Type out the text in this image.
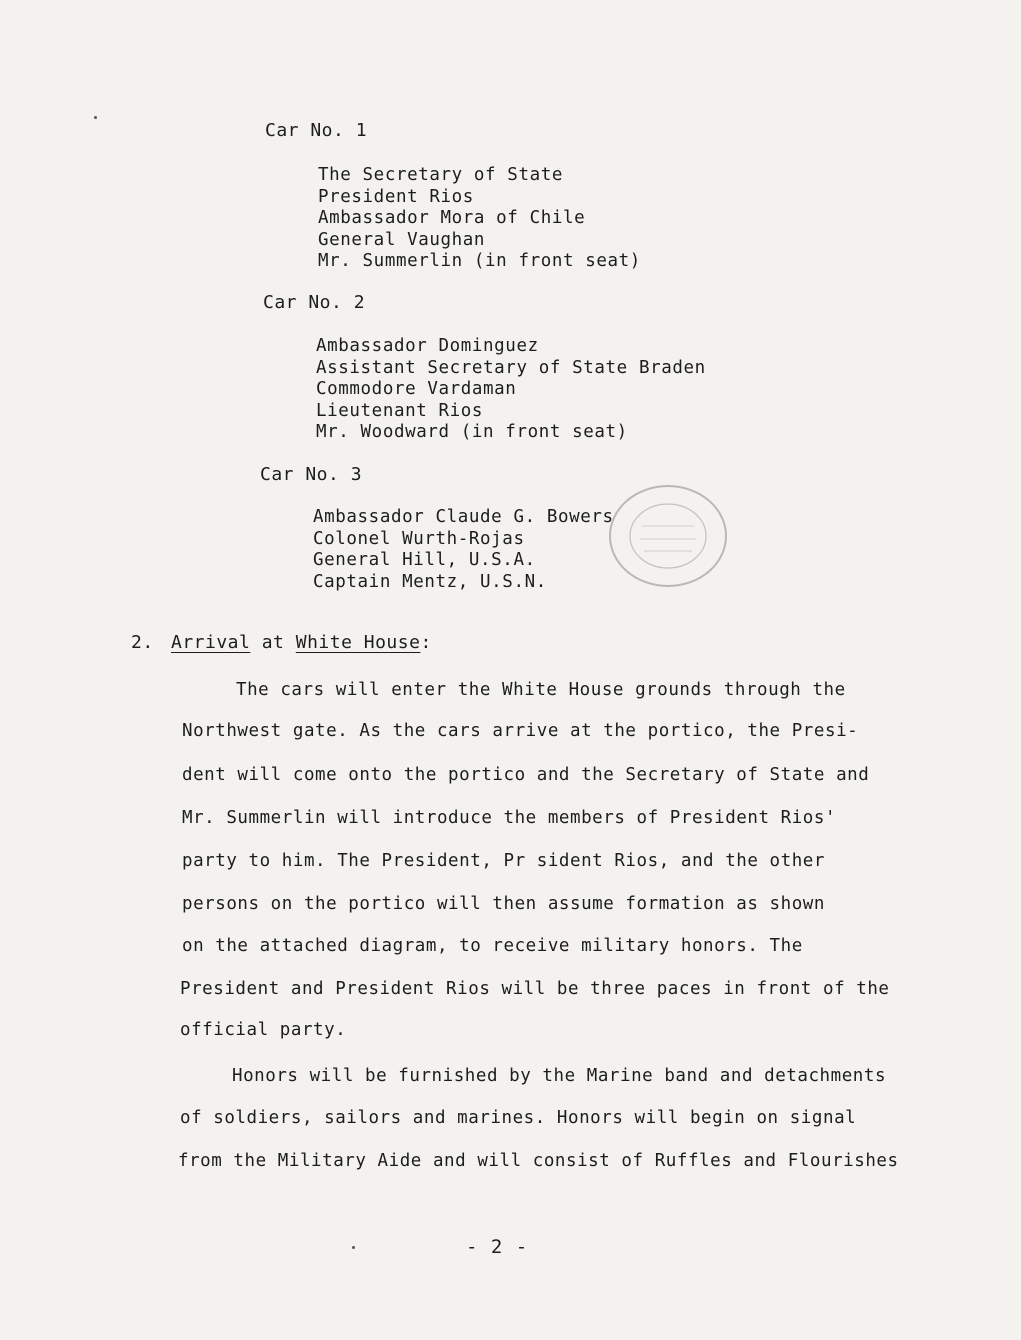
Car No. 1
The Secretary of State
President Rios
Ambassador Mora of Chile
General Vaughan
Mr. Summerlin (in front seat)
Car No. 2
Ambassador Dominguez
Assistant Secretary of State Braden
Commodore Vardaman
Lieutenant Rios
Mr. Woodward (in front seat)
Car No. 3
Ambassador Claude G. Bowers
Colonel Wurth-Rojas
General Hill, U.S.A.
Captain Mentz, U.S.N.
2. Arrival at White House:
The cars will enter the White House grounds through the
Northwest gate. As the cars arrive at the portico, the Presi-
dent will come onto the portico and the Secretary of State and
Mr. Summerlin will introduce the members of President Rios'
party to him. The President, Pr sident Rios, and the other
persons on the portico will then assume formation as shown
on the attached diagram, to receive military honors. The
President and President Rios will be three paces in front of the
official party.
Honors will be furnished by the Marine band and detachments
of soldiers, sailors and marines. Honors will begin on signal
from the Military Aide and will consist of Ruffles and Flourishes
- 2 -
